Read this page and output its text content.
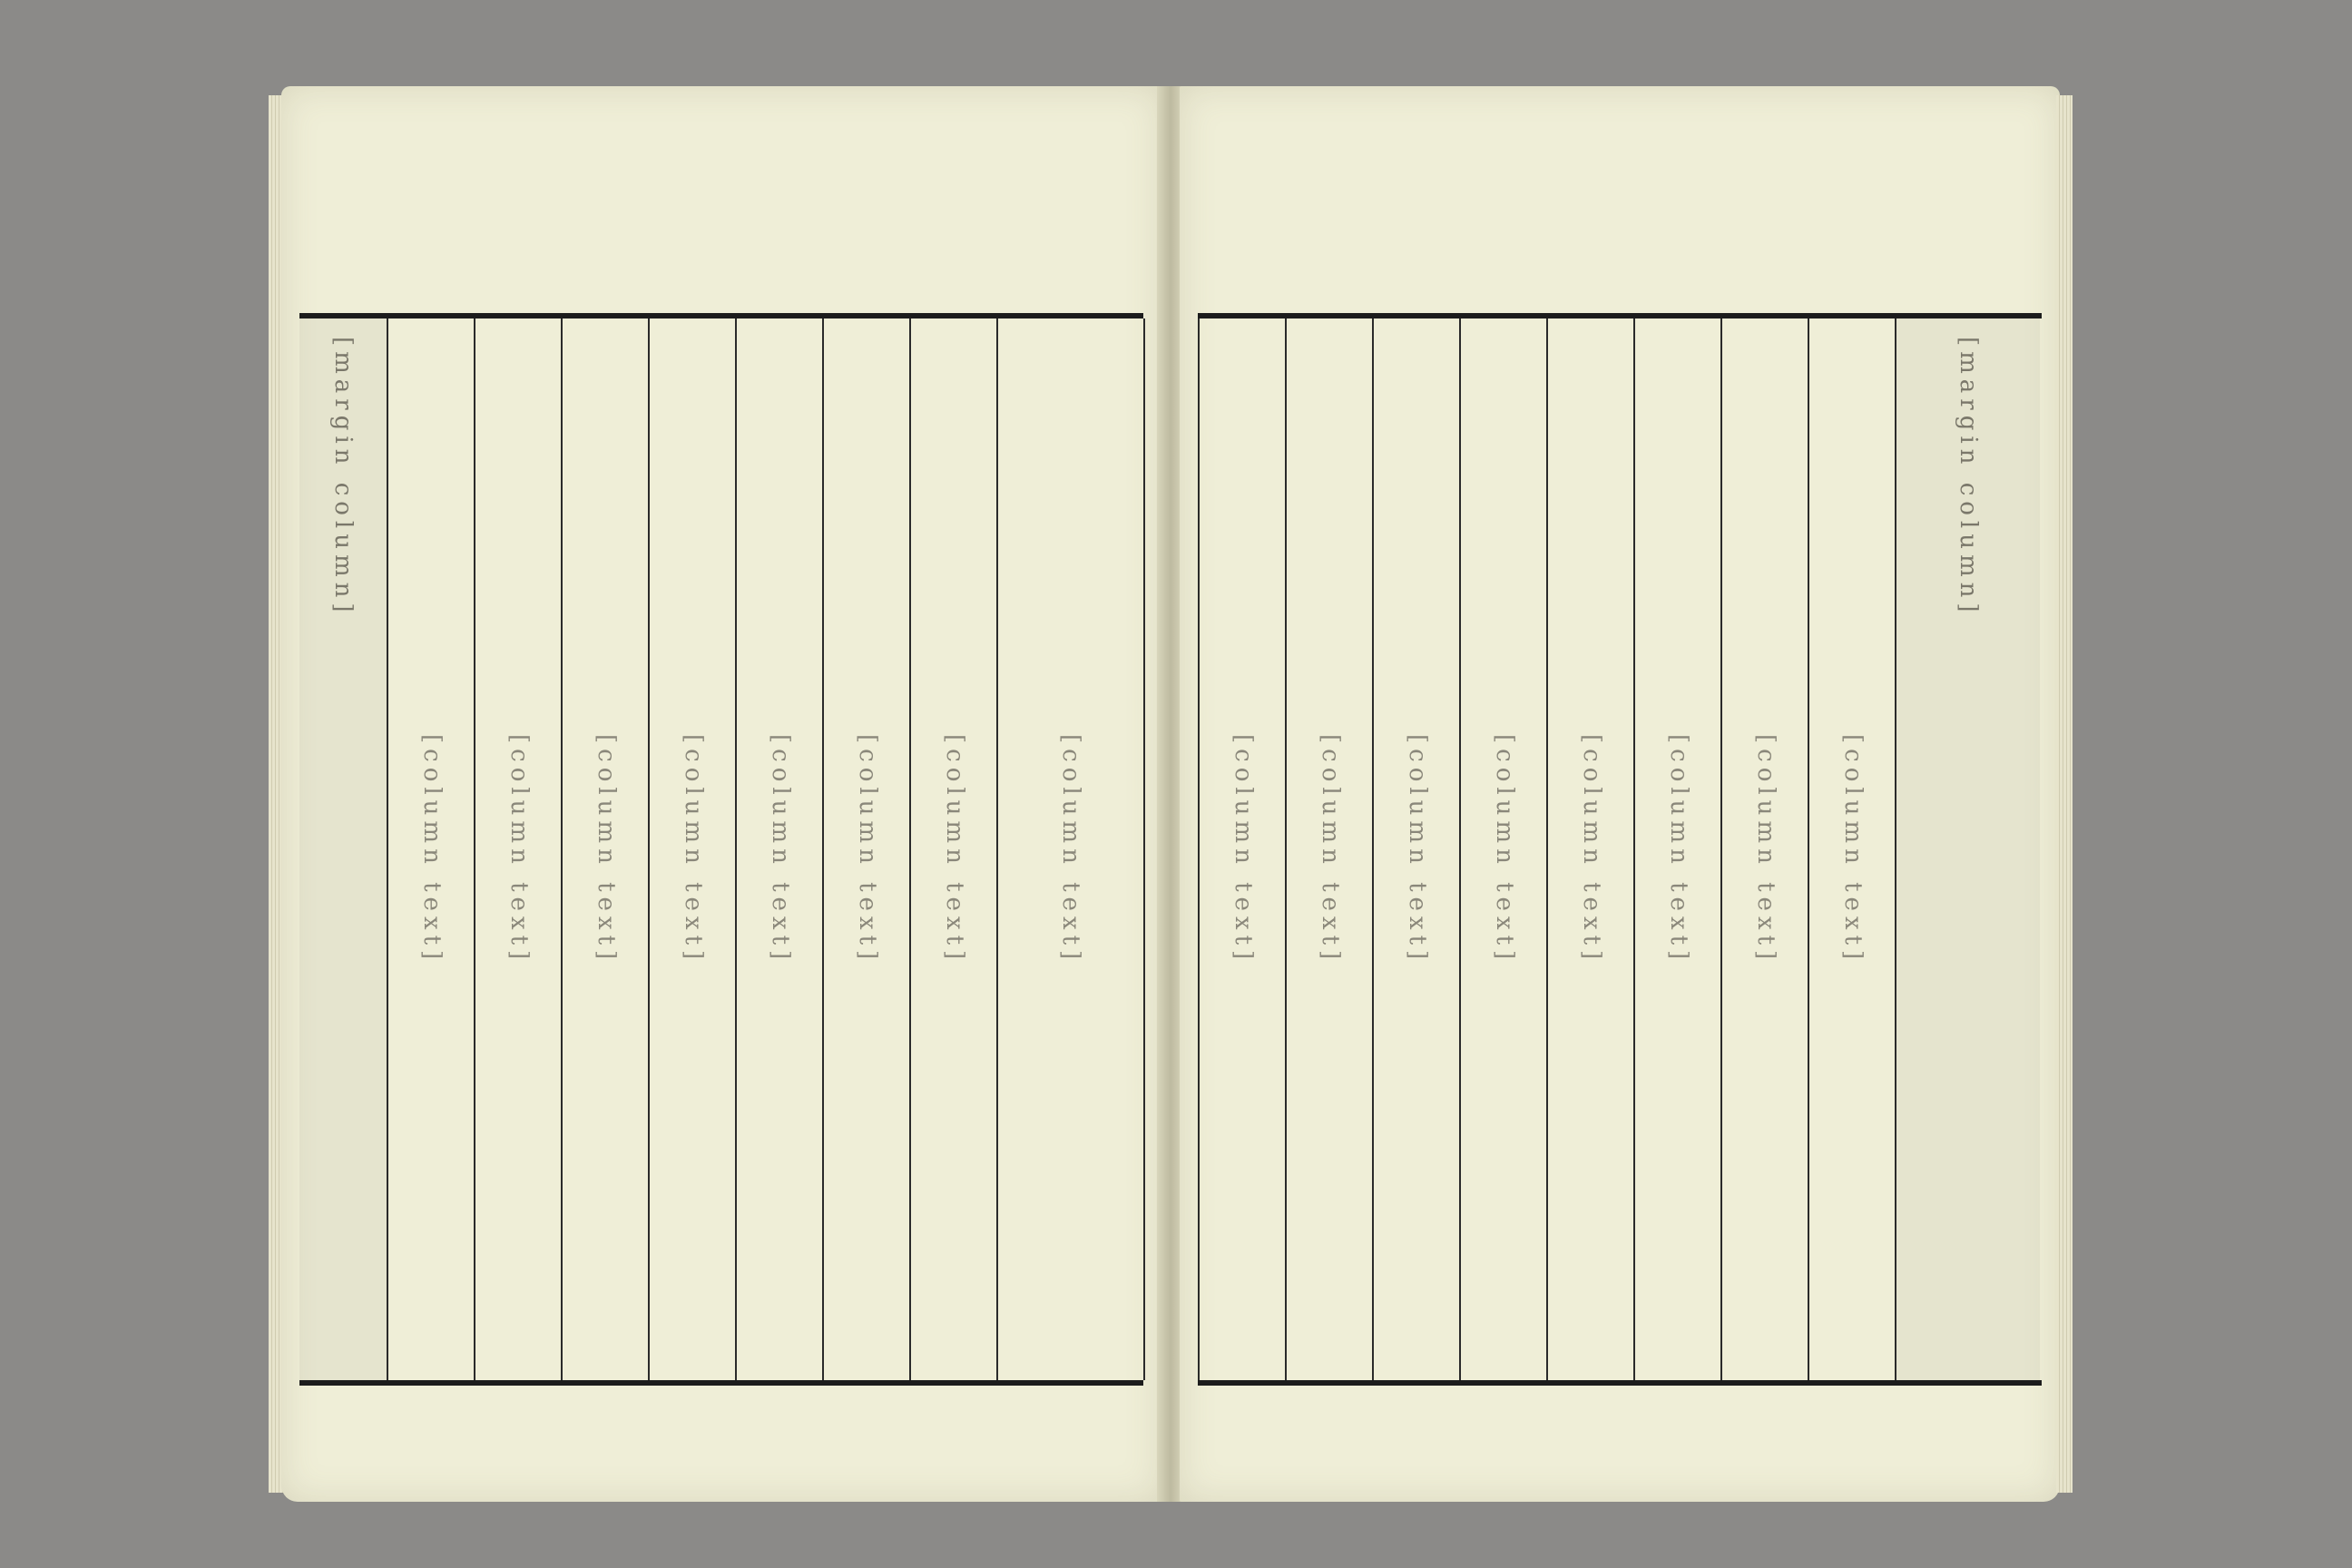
[margin column]
[column text]	[column text]	[column text]	[column text]	[column text]	[column text]	[column text]	[column text]	[column text]	[column text]	[column text]	[column text]	[column text]	[column text]	[column text]	[column text]
[margin column]
